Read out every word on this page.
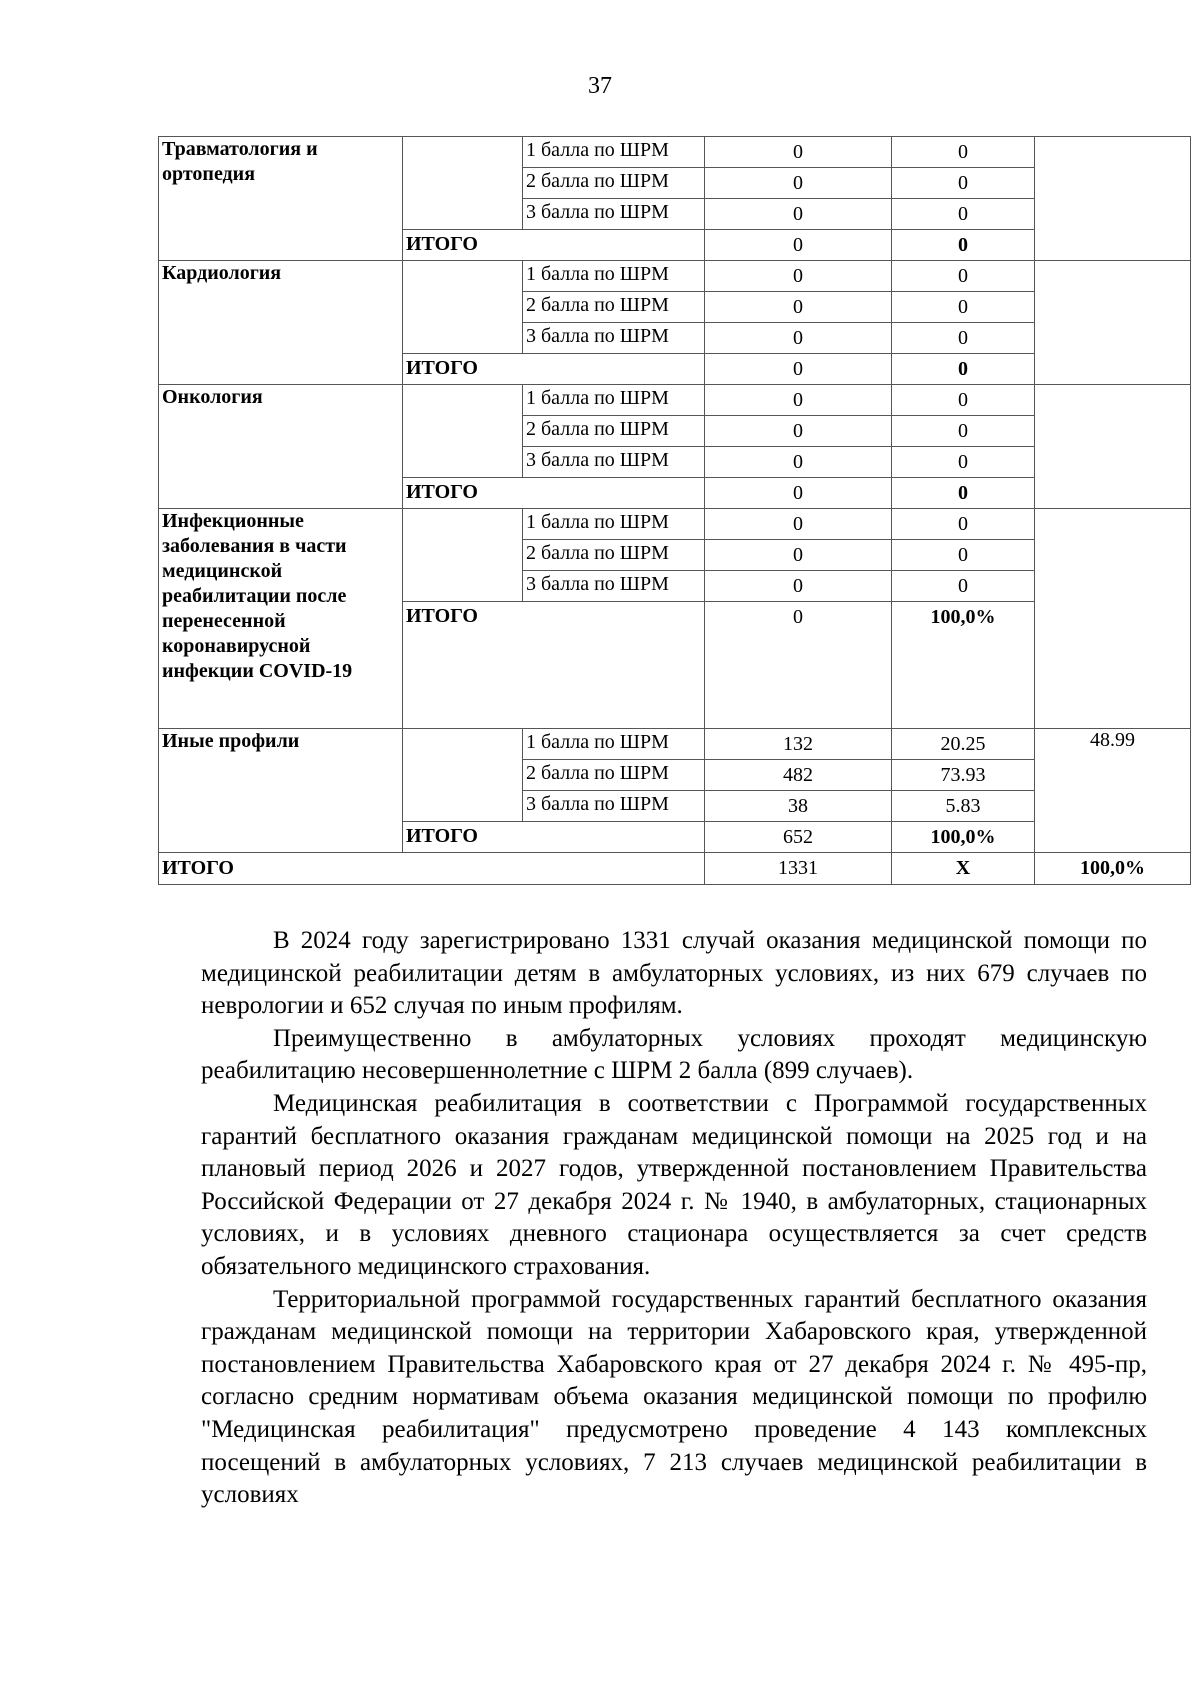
37
Травматология и ортопедия		1 балла по ШРМ	0	0	
		2 балла по ШРМ	0	0	
		3 балла по ШРМ	0	0	
	ИТОГО		0	0	
Кардиология		1 балла по ШРМ	0	0	
		2 балла по ШРМ	0	0	
		3 балла по ШРМ	0	0	
	ИТОГО		0	0	
Онкология		1 балла по ШРМ	0	0	
		2 балла по ШРМ	0	0	
		3 балла по ШРМ	0	0	
	ИТОГО		0	0	
Инфекционные заболевания в части медицинской реабилитации после перенесенной коронавирусной инфекции COVID-19		1 балла по ШРМ	0	0	
		2 балла по ШРМ	0	0	
		3 балла по ШРМ	0	0	
	ИТОГО		0	100,0%	
Иные профили		1 балла по ШРМ	132	20.25	48.99
		2 балла по ШРМ	482	73.93	
		3 балла по ШРМ	38	5.83	
	ИТОГО		652	100,0%	
ИТОГО			1331	Х	100,0%

В 2024 году зарегистрировано 1331 случай оказания медицинской помощи по медицинской реабилитации детям в амбулаторных условиях, из них 679 случаев по неврологии и 652 случая по иным профилям.

Преимущественно в амбулаторных условиях проходят медицинскую реабилитацию несовершеннолетние с ШРМ 2 балла (899 случаев).

Медицинская реабилитация в соответствии с Программой государственных гарантий бесплатного оказания гражданам медицинской помощи на 2025 год и на плановый период 2026 и 2027 годов, утвержденной постановлением Правительства Российской Федерации от 27 декабря 2024 г. № 1940, в амбулаторных, стационарных условиях, и в условиях дневного стационара осуществляется за счет средств обязательного медицинского страхования.

Территориальной программой государственных гарантий бесплатного оказания гражданам медицинской помощи на территории Хабаровского края, утвержденной постановлением Правительства Хабаровского края от 27 декабря 2024 г. № 495-пр, согласно средним нормативам объема оказания медицинской помощи по профилю "Медицинская реабилитация" предусмотрено проведение 4 143 комплексных посещений в амбулаторных условиях, 7 213 случаев медицинской реабилитации в условиях
